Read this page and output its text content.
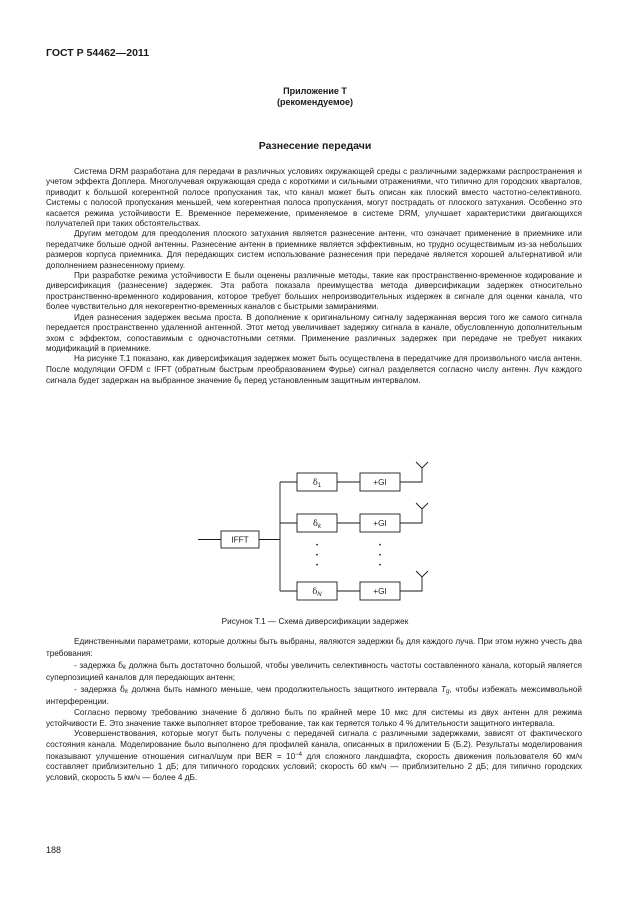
ГОСТ Р 54462—2011
Приложение Т
(рекомендуемое)
Разнесение передачи

Система DRM разработана для передачи в различных условиях окружающей среды с различными задержками распространения и учетом эффекта Доплера. Многолучевая окружающая среда с короткими и сильными отражениями, что типично для городских кварталов, приводит к большой когерентной полосе пропускания так, что канал может быть описан как плоский вместо частотно-селективного. Системы с полосой пропускания меньшей, чем когерентная полоса пропускания, могут пострадать от плоского затухания. Особенно это касается режима устойчивости Е. Временное перемежение, применяемое в системе DRM, улучшает характеристики двигающихся получателей при таких обстоятельствах.

Другим методом для преодоления плоского затухания является разнесение антенн, что означает применение в приемнике или передатчике больше одной антенны. Разнесение антенн в приемнике является эффективным, но трудно осуществимым из-за небольших размеров корпуса приемника. Для передающих систем использование разнесения при передаче является хорошей альтернативой или дополнением разнесенному приему.

При разработке режима устойчивости Е были оценены различные методы, такие как пространственно-временное кодирование и диверсификация (разнесение) задержек. Эта работа показала преимущества метода диверсификации задержек относительно пространственно-временного кодирования, которое требует больших непроизводительных издержек в сигнале для оценки канала, что более чувствительно для некогерентно-временных каналов с быстрыми замираниями.

Идея разнесения задержек весьма проста. В дополнение к оригинальному сигналу задержанная версия того же самого сигнала передается пространственно удаленной антенной. Этот метод увеличивает задержку сигнала в канале, обусловленную дополнительным эхом с эффектом, сопоставимым с одночастотными сетями. Применение различных задержек при передаче не требует никаких модификаций в приемнике.

На рисунке Т.1 показано, как диверсификация задержек может быть осуществлена в передатчике для произвольного числа антенн. После модуляции OFDM с IFFT (обратным быстрым преобразованием Фурье) сигнал разделяется согласно числу антенн. Луч каждого сигнала будет задержан на выбранное значение $\delta_k$ перед установленным защитным интервалом.

IFFT
$\delta_1$
$\delta_k$
$\delta_N$
+GI
+GI
+GI
•
•
•
•
•
•
Рисунок Т.1 — Схема диверсификации задержек

Единственными параметрами, которые должны быть выбраны, являются задержки $\delta_k$ для каждого луча. При этом нужно учесть два требования:

- задержка $\delta_k$ должна быть достаточно большой, чтобы увеличить селективность частоты составленного канала, который является суперпозицией каналов для передающих антенн;

- задержка $\delta_k$ должна быть намного меньше, чем продолжительность защитного интервала $T_g$, чтобы избежать межсимвольной интерференции.

Согласно первому требованию значение δ должно быть по крайней мере 10 мкс для системы из двух антенн для режима устойчивости Е. Это значение также выполняет второе требование, так как теряется только 4 % длительности защитного интервала.

Усовершенствования, которые могут быть получены с передачей сигнала с различными задержками, зависят от фактического состояния канала. Моделирование было выполнено для профилей канала, описанных в приложении Б (Б.2). Результаты моделирования показывают улучшение отношения сигнал/шум при BER = $10^{-4}$ для сложного ландшафта, скорость движения пользователя 60 км/ч составляет приблизительно 1 дБ; для типичного городских условий; скорость 60 км/ч — приблизительно 2 дБ; для типично городских условий, скорость 5 км/ч — более 4 дБ.

188
